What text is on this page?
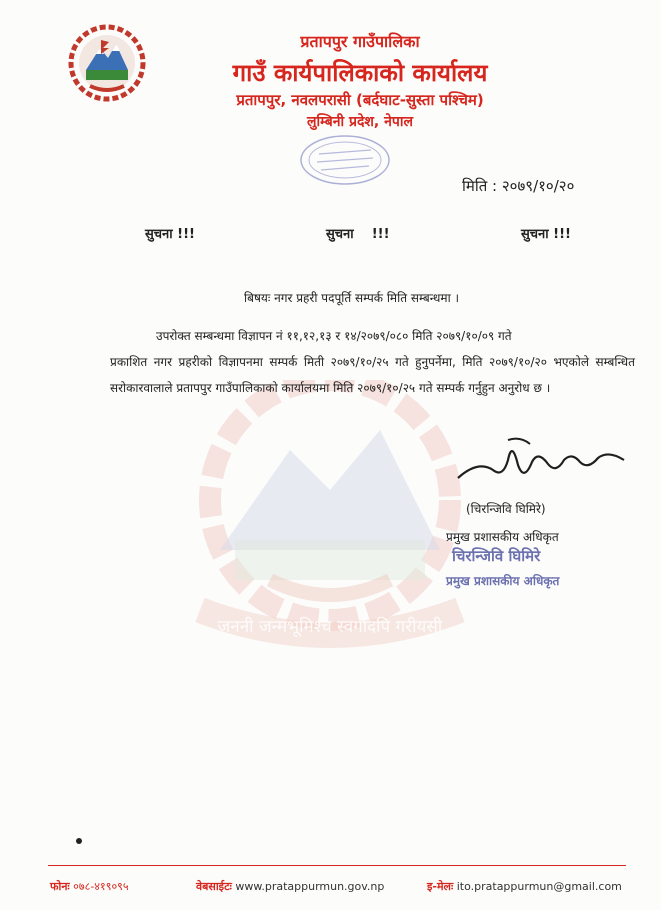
प्रतापपुर गाउँपालिका
गाउँ कार्यपालिकाको कार्यालय
प्रतापपुर, नवलपरासी (बर्दघाट-सुस्ता पश्चिम)
लुम्बिनी प्रदेश, नेपाल
मिति : २०७९/१०/२०
सुचना !!!	सुचना    !!!	सुचना !!!
बिषयः नगर प्रहरी पदपूर्ति सम्पर्क मिति सम्बन्धमा ।
जननी जन्मभूमिश्च स्वर्गादपि गरीयसी
उपरोक्त सम्बन्धमा विज्ञापन नं ११,१२,१३ र १४/२०७९/०८० मिति २०७९/१०/०९ गते
प्रकाशित नगर प्रहरीको विज्ञापनमा सम्पर्क मिती २०७९/१०/२५ गते हुनुपर्नेमा, मिति २०७९/१०/२० भएकोले सम्बन्धित सरोकारवालाले प्रतापपुर गाउँपालिकाको कार्यालयमा मिति २०७९/१०/२५ गते सम्पर्क गर्नुहुन अनुरोध छ ।
(चिरन्जिवि घिमिरे)
प्रमुख प्रशासकीय अधिकृत
चिरन्जिवि घिमिरे
प्रमुख प्रशासकीय अधिकृत
फोनः ०७८-४१९०९५	वेबसाईटः www.pratappurmun.gov.np	इ-मेलः ito.pratappurmun@gmail.com
